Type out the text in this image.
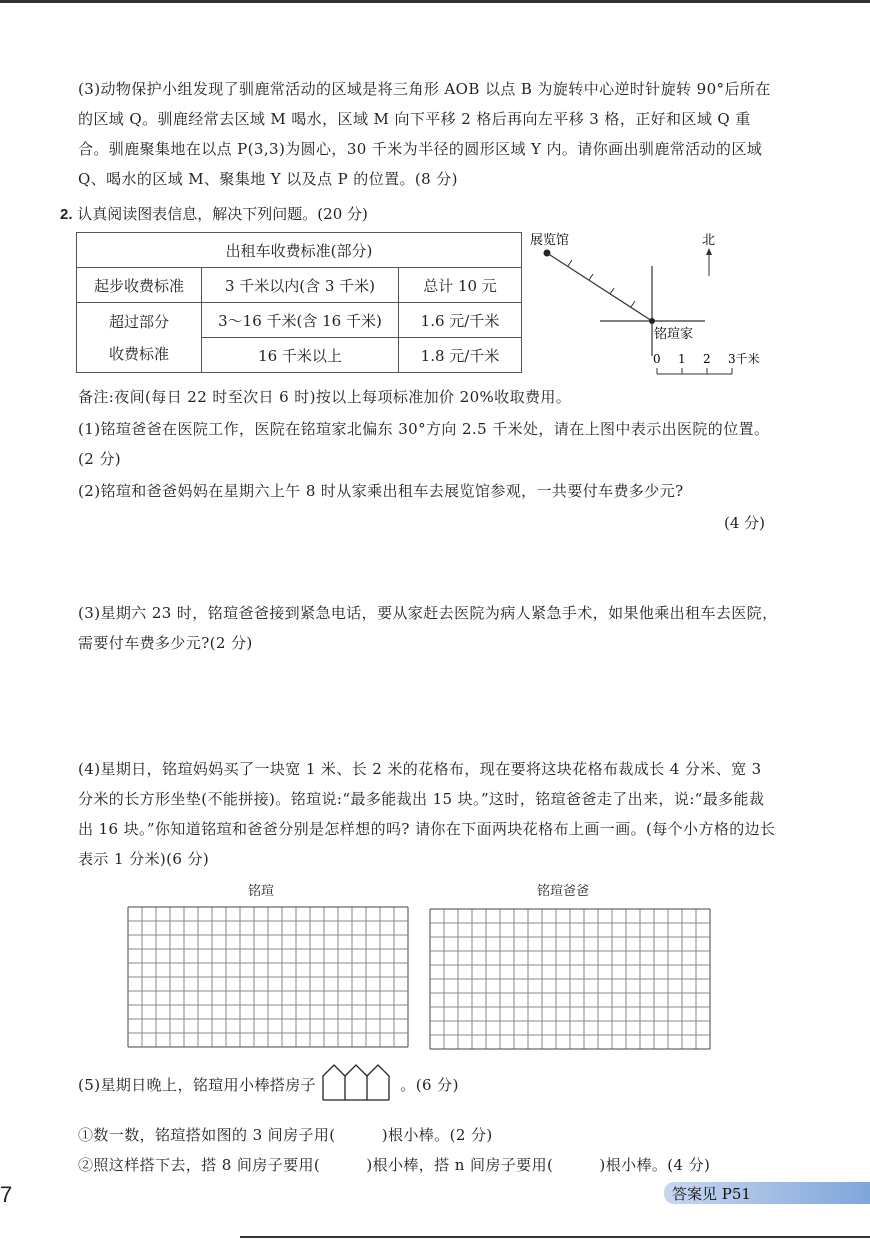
(3)动物保护小组发现了驯鹿常活动的区域是将三角形 AOB 以点 B 为旋转中心逆时针旋转 90°后所在的区域 Q。驯鹿经常去区域 M 喝水，区域 M 向下平移 2 格后再向左平移 3 格，正好和区域 Q 重合。驯鹿聚集地在以点 P(3,3)为圆心，30 千米为半径的圆形区域 Y 内。请你画出驯鹿常活动的区域 Q、喝水的区域 M、聚集地 Y 以及点 P 的位置。(8 分)
2. 认真阅读图表信息，解决下列问题。(20 分)
出租车收费标准(部分)		
起步收费标准	3 千米以内(含 3 千米)	总计 10 元

超过部分
收费标准	3～16 千米(含 16 千米)	1.6 元/千米
	16 千米以上	1.8 元/千米
展览馆
铭瑄家
北
0 1 2 3千米
备注:夜间(每日 22 时至次日 6 时)按以上每项标准加价 20%收取费用。
(1)铭瑄爸爸在医院工作，医院在铭瑄家北偏东 30°方向 2.5 千米处，请在上图中表示出医院的位置。(2 分)
(2)铭瑄和爸爸妈妈在星期六上午 8 时从家乘出租车去展览馆参观，一共要付车费多少元?
(4 分)
(3)星期六 23 时，铭瑄爸爸接到紧急电话，要从家赶去医院为病人紧急手术，如果他乘出租车去医院，需要付车费多少元?(2 分)
(4)星期日，铭瑄妈妈买了一块宽 1 米、长 2 米的花格布，现在要将这块花格布裁成长 4 分米、宽 3 分米的长方形坐垫(不能拼接)。铭瑄说:“最多能裁出 15 块。”这时，铭瑄爸爸走了出来，说:“最多能裁出 16 块。”你知道铭瑄和爸爸分别是怎样想的吗? 请你在下面两块花格布上画一画。(每个小方格的边长表示 1 分米)(6 分)
铭瑄	铭瑄爸爸
(5)星期日晚上，铭瑄用小棒搭房子	。(6 分)
①数一数，铭瑄搭如图的 3 间房子用(　　　)根小棒。(2 分)
②照这样搭下去，搭 8 间房子要用(　　　)根小棒，搭 n 间房子要用(　　　)根小棒。(4 分)
7	答案见 P51
